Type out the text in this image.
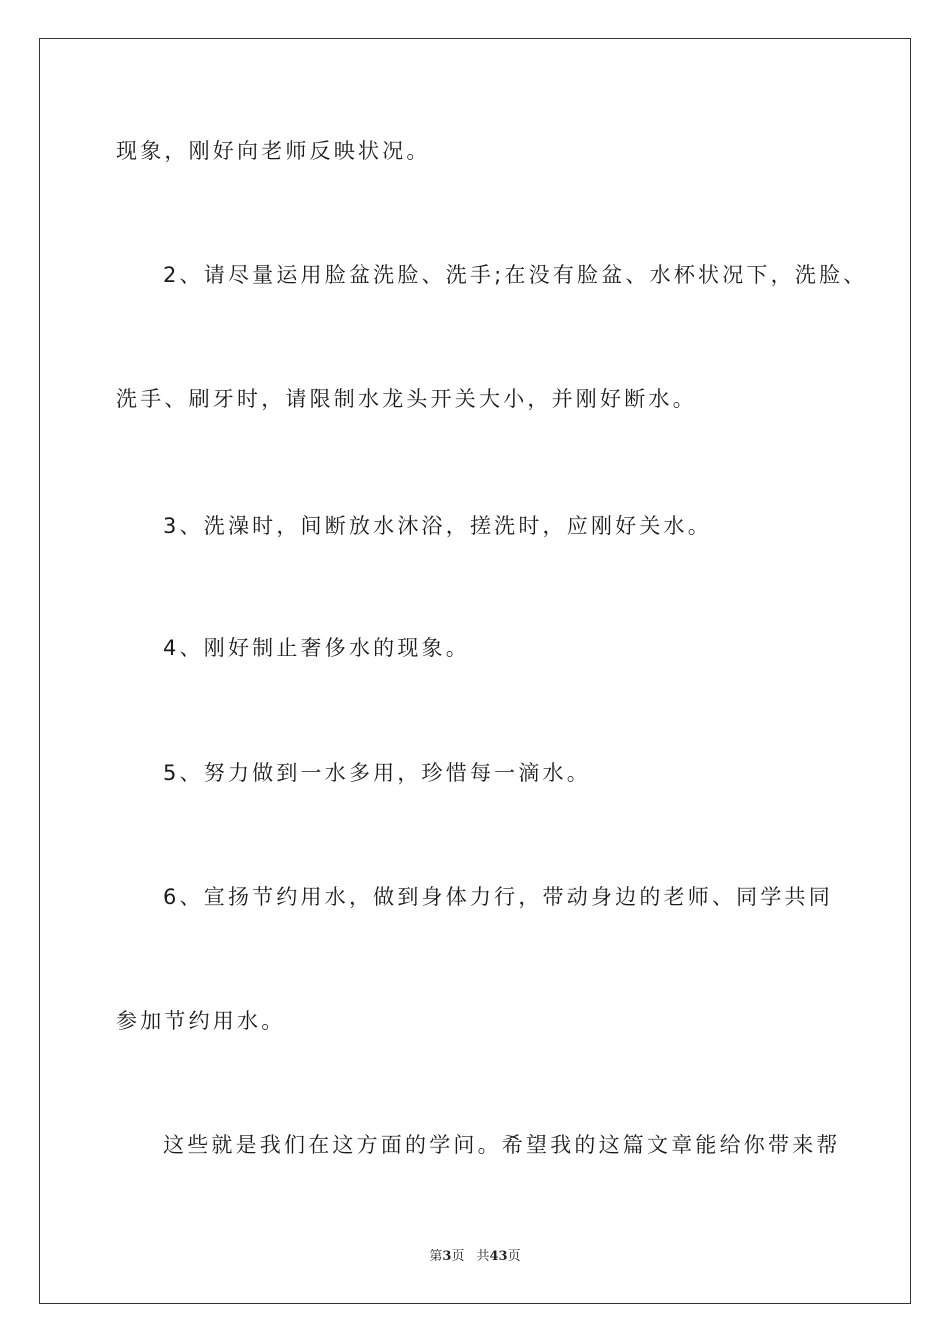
现象，刚好向老师反映状况。
2、请尽量运用脸盆洗脸、洗手;在没有脸盆、水杯状况下，洗脸、
洗手、刷牙时，请限制水龙头开关大小，并刚好断水。
3、洗澡时，间断放水沐浴，搓洗时，应刚好关水。
4、刚好制止奢侈水的现象。
5、努力做到一水多用，珍惜每一滴水。
6、宣扬节约用水，做到身体力行，带动身边的老师、同学共同
参加节约用水。
这些就是我们在这方面的学问。希望我的这篇文章能给你带来帮
第3页 共43页
